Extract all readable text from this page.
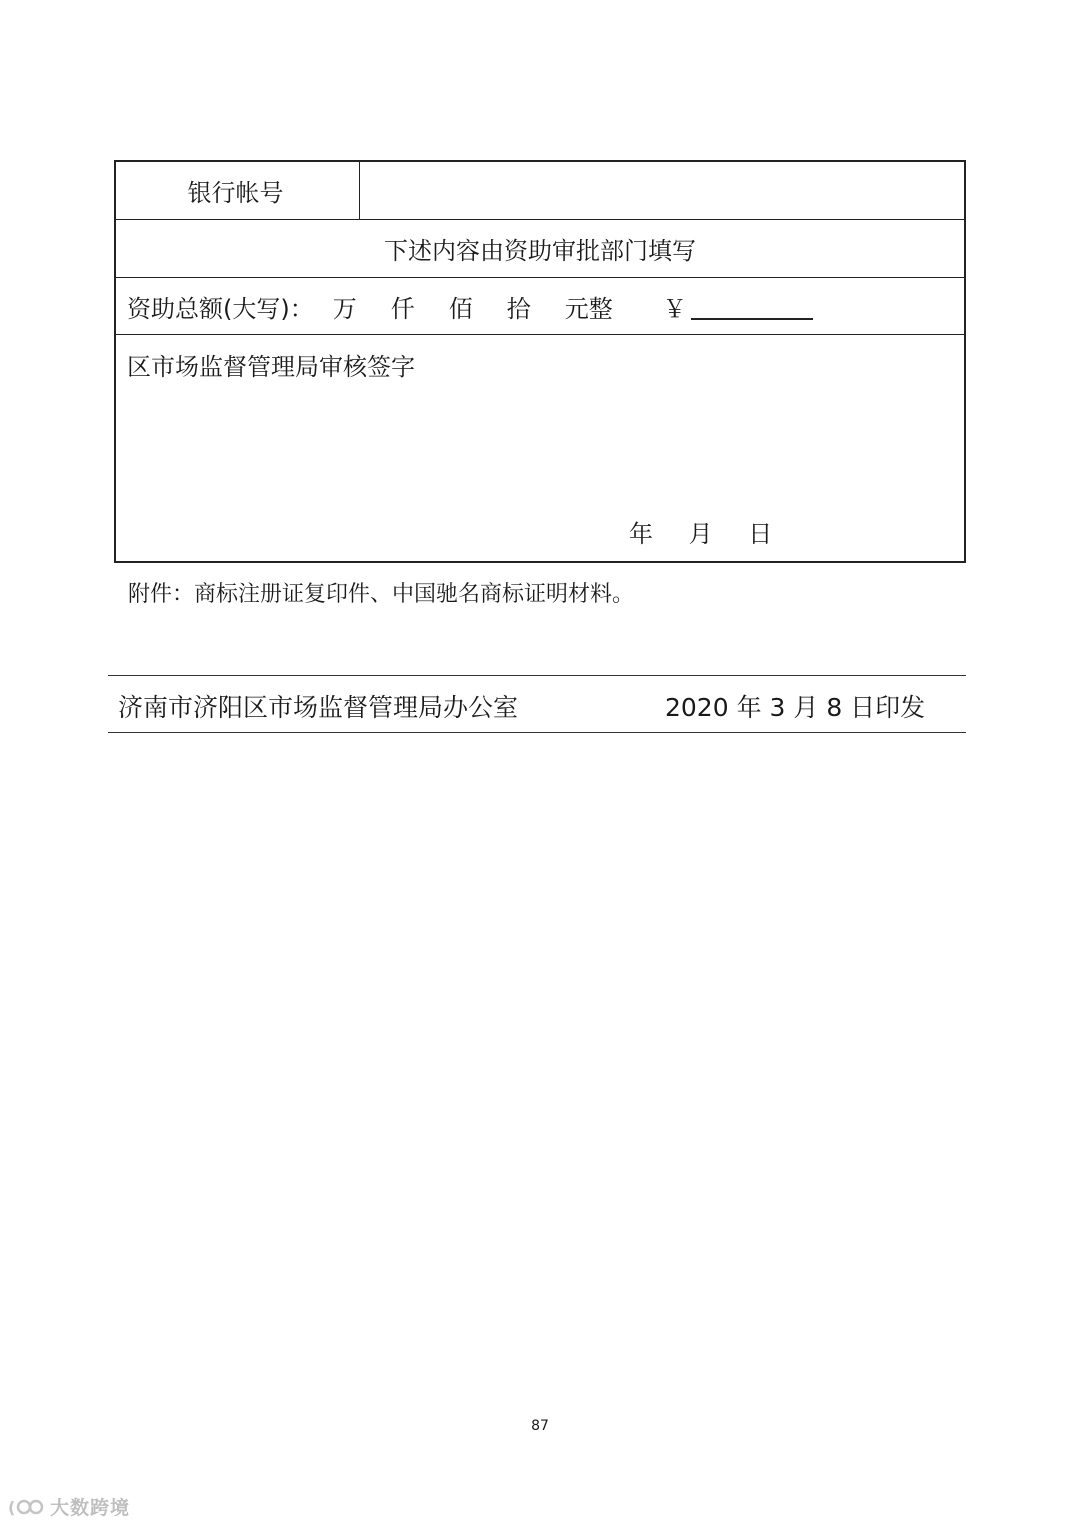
银行帐号
下述内容由资助审批部门填写
资助总额(大写)： 万 仟 佰 拾 元整 ￥
区市场监督管理局审核签字
年 月 日
附件：商标注册证复印件、中国驰名商标证明材料。
济南市济阳区市场监督管理局办公室	2020 年 3 月 8 日印发
87
( 大数跨境
